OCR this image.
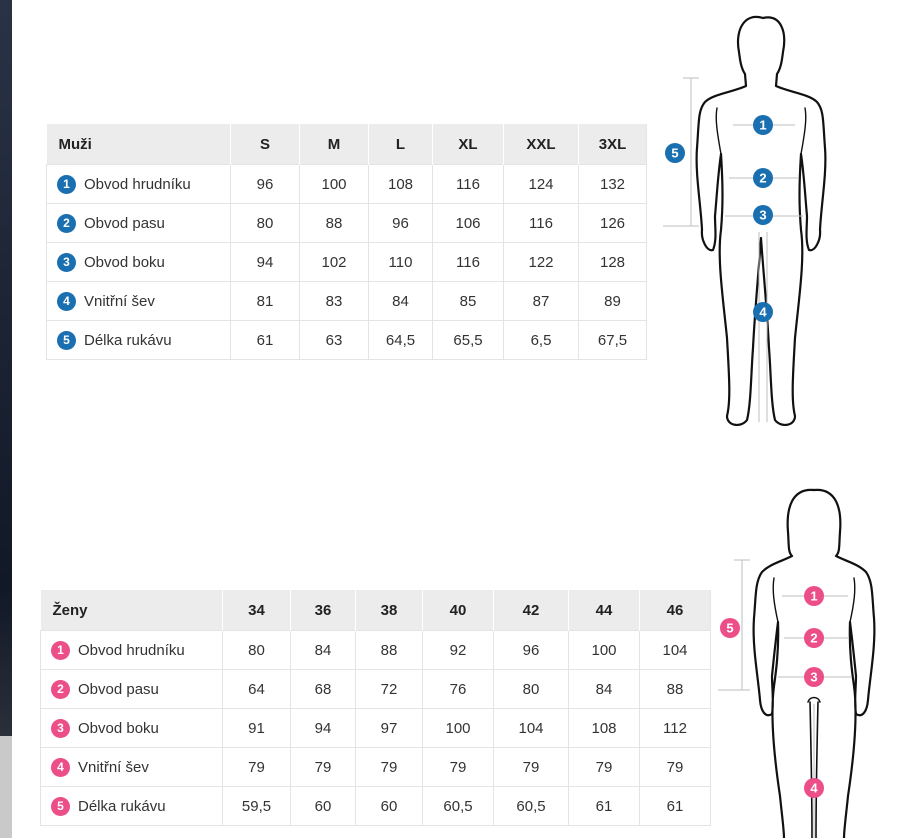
Muži	S	M	L	XL	XXL	3XL
1 Obvod hrudníku	96	100	108	116	124	132
2 Obvod pasu	80	88	96	106	116	126
3 Obvod boku	94	102	110	116	122	128
4 Vnitřní šev	81	83	84	85	87	89
5 Délka rukávu	61	63	64,5	65,5	6,5	67,5
Ženy	34	36	38	40	42	44	46
1 Obvod hrudníku	80	84	88	92	96	100	104
2 Obvod pasu	64	68	72	76	80	84	88
3 Obvod boku	91	94	97	100	104	108	112
4 Vnitřní šev	79	79	79	79	79	79	79
5 Délka rukávu	59,5	60	60	60,5	60,5	61	61
1
2
3
4
5
1
2
3
4
5
